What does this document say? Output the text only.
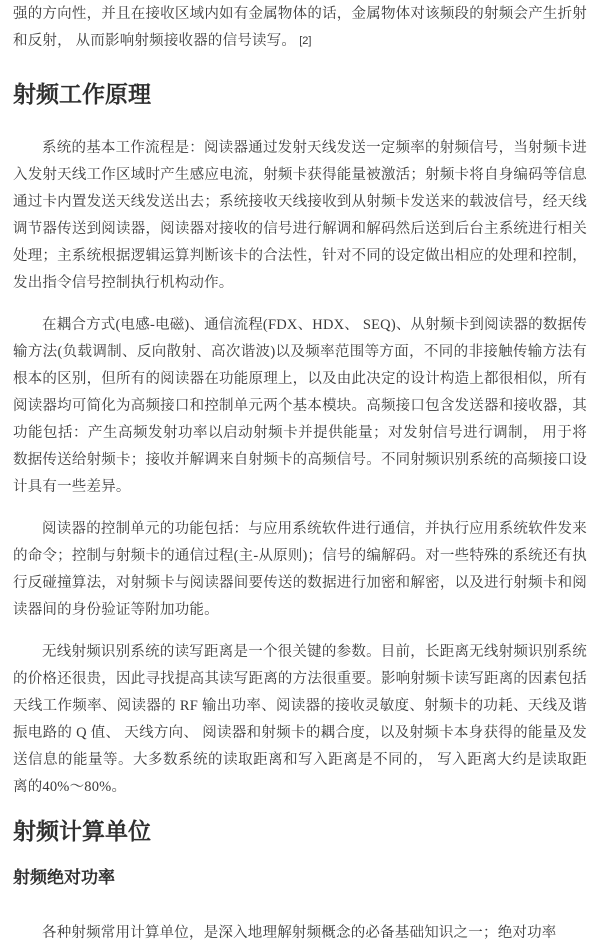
强的方向性，并且在接收区域内如有金属物体的话，金属物体对该频段的射频会产生折射和反射， 从而影响射频接收器的信号读写。  [2]

射频工作原理

系统的基本工作流程是：阅读器通过发射天线发送一定频率的射频信号，当射频卡进入发射天线工作区域时产生感应电流，射频卡获得能量被激活；射频卡将自身编码等信息通过卡内置发送天线发送出去；系统接收天线接收到从射频卡发送来的载波信号，经天线调节器传送到阅读器，阅读器对接收的信号进行解调和解码然后送到后台主系统进行相关处理；主系统根据逻辑运算判断该卡的合法性，针对不同的设定做出相应的处理和控制，发出指令信号控制执行机构动作。

在耦合方式(电感-电磁)、通信流程(FDX、HDX、 SEQ)、从射频卡到阅读器的数据传输方法(负载调制、反向散射、高次谐波)以及频率范围等方面，不同的非接触传输方法有根本的区别，但所有的阅读器在功能原理上，以及由此决定的设计构造上都很相似，所有阅读器均可简化为高频接口和控制单元两个基本模块。高频接口包含发送器和接收器，其功能包括：产生高频发射功率以启动射频卡并提供能量；对发射信号进行调制， 用于将数据传送给射频卡；接收并解调来自射频卡的高频信号。不同射频识别系统的高频接口设计具有一些差异。

阅读器的控制单元的功能包括：与应用系统软件进行通信，并执行应用系统软件发来的命令；控制与射频卡的通信过程(主-从原则)；信号的编解码。对一些特殊的系统还有执行反碰撞算法，对射频卡与阅读器间要传送的数据进行加密和解密，以及进行射频卡和阅读器间的身份验证等附加功能。

无线射频识别系统的读写距离是一个很关键的参数。目前，长距离无线射频识别系统的价格还很贵，因此寻找提高其读写距离的方法很重要。影响射频卡读写距离的因素包括天线工作频率、阅读器的 RF 输出功率、阅读器的接收灵敏度、射频卡的功耗、天线及谐振电路的 Q 值、 天线方向、 阅读器和射频卡的耦合度，以及射频卡本身获得的能量及发送信息的能量等。大多数系统的读取距离和写入距离是不同的， 写入距离大约是读取距离的40%～80%。

射频计算单位
射频绝对功率

各种射频常用计算单位，是深入地理解射频概念的必备基础知识之一；绝对功率
